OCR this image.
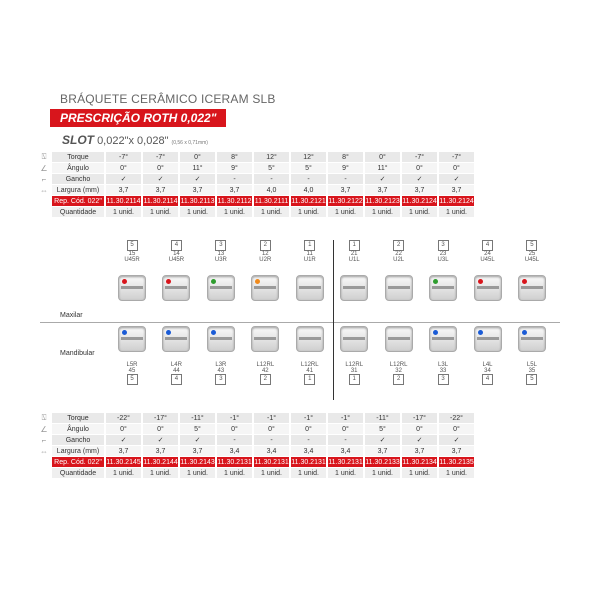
BRÁQUETE CERÂMICO ICERAM SLB
PRESCRIÇÃO ROTH 0,022"
SLOT 0,022"x 0,028" (0,56 x 0,71mm)
⍂	Torque	-7°	-7°	0°	8°	12°	12°	8°	0°	-7°	-7°
∠	Ângulo	0°	0°	11°	9°	5°	5°	9°	11°	0°	0°
⌐	Gancho	✓	✓	✓	-	-	-	-	✓	✓	✓
⇔	Largura (mm)	3,7	3,7	3,7	3,7	4,0	4,0	3,7	3,7	3,7	3,7
	Rep. Cód. 022"	11.30.2114	11.30.2114	11.30.2113	11.30.2112	11.30.2111	11.30.2121	11.30.2122	11.30.2123	11.30.2124	11.30.2124
	Quantidade	1 unid.	1 unid.	1 unid.	1 unid.	1 unid.	1 unid.	1 unid.	1 unid.	1 unid.	1 unid.
5
15
U45R
4
14
U45R
3
13
U3R
2
12
U2R
1
11
U1R
1
21
U1L
2
22
U2L
3
23
U3L
4
24
U45L
5
25
U45L
Maxilar
Mandibular
L5R
45
5
L4R
44
4
L3R
43
3
L12RL
42
2
L12RL
41
1
L12RL
31
1
L12RL
32
2
L3L
33
3
L4L
34
4
L5L
35
5
⍂	Torque	-22°	-17°	-11°	-1°	-1°	-1°	-1°	-11°	-17°	-22°
∠	Ângulo	0°	0°	5°	0°	0°	0°	0°	5°	0°	0°
⌐	Gancho	✓	✓	✓	-	-	-	-	✓	✓	✓
⇔	Largura (mm)	3,7	3,7	3,7	3,4	3,4	3,4	3,4	3,7	3,7	3,7
	Rep. Cód. 022"	11.30.2145	11.30.2144	11.30.2143	11.30.2131	11.30.2131	11.30.2131	11.30.2131	11.30.2133	11.30.2134	11.30.2135
	Quantidade	1 unid.	1 unid.	1 unid.	1 unid.	1 unid.	1 unid.	1 unid.	1 unid.	1 unid.	1 unid.
